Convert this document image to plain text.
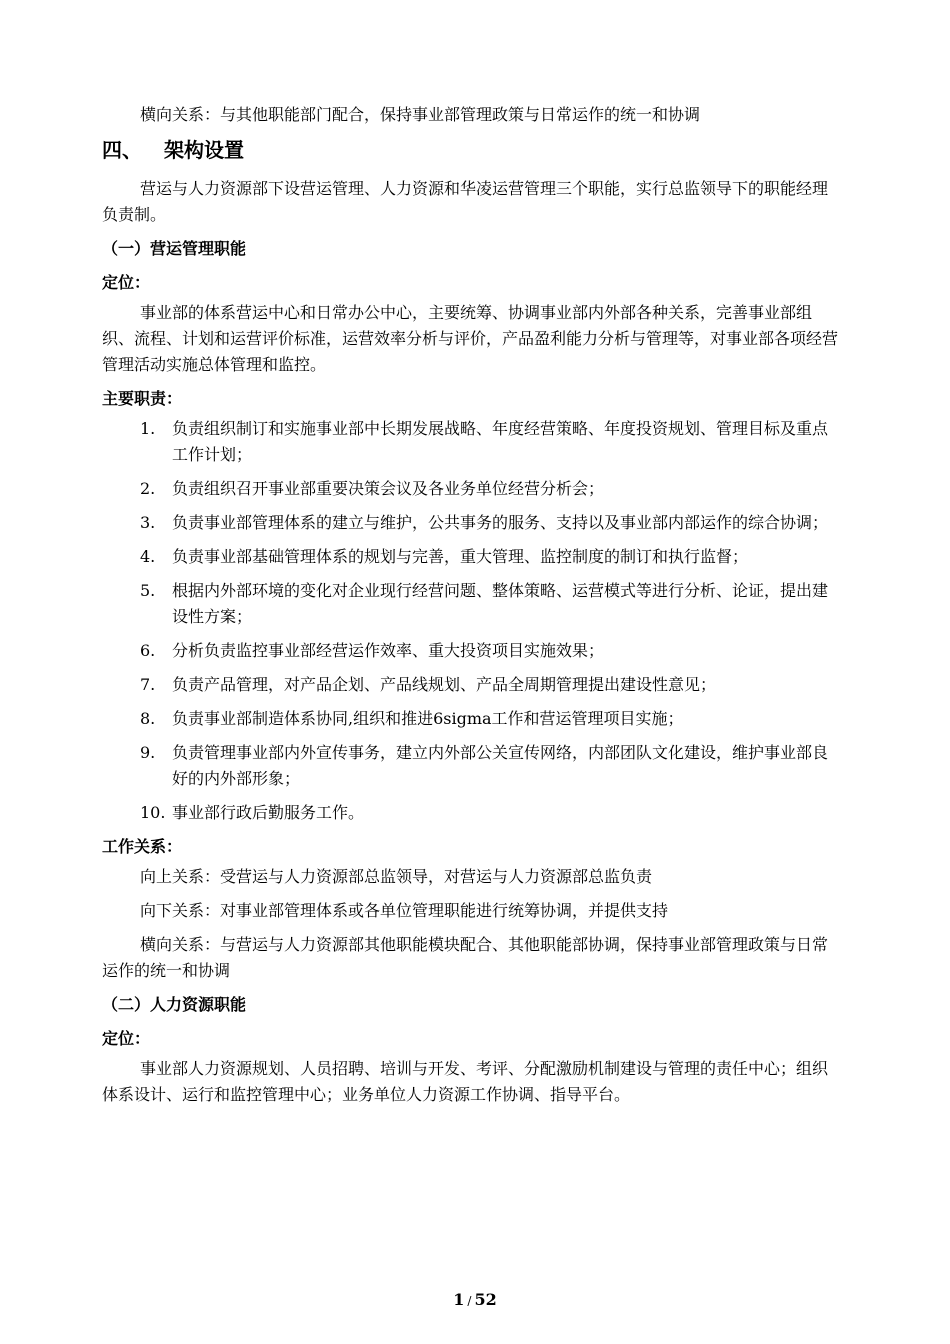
横向关系：与其他职能部门配合，保持事业部管理政策与日常运作的统一和协调

四、 架构设置

营运与人力资源部下设营运管理、人力资源和华凌运营管理三个职能，实行总监领导下的职能经理负责制。

（一）营运管理职能
定位：

事业部的体系营运中心和日常办公中心，主要统筹、协调事业部内外部各种关系，完善事业部组织、流程、计划和运营评价标准，运营效率分析与评价，产品盈利能力分析与管理等，对事业部各项经营管理活动实施总体管理和监控。

主要职责：
1. 负责组织制订和实施事业部中长期发展战略、年度经营策略、年度投资规划、管理目标及重点工作计划；
2. 负责组织召开事业部重要决策会议及各业务单位经营分析会；
3. 负责事业部管理体系的建立与维护，公共事务的服务、支持以及事业部内部运作的综合协调；
4. 负责事业部基础管理体系的规划与完善，重大管理、监控制度的制订和执行监督；
5. 根据内外部环境的变化对企业现行经营问题、整体策略、运营模式等进行分析、论证，提出建设性方案；
6. 分析负责监控事业部经营运作效率、重大投资项目实施效果；
7. 负责产品管理，对产品企划、产品线规划、产品全周期管理提出建设性意见；
8. 负责事业部制造体系协同,组织和推进6sigma工作和营运管理项目实施；
9. 负责管理事业部内外宣传事务，建立内外部公关宣传网络，内部团队文化建设，维护事业部良好的内外部形象；
10. 事业部行政后勤服务工作。
工作关系：

向上关系：受营运与人力资源部总监领导，对营运与人力资源部总监负责

向下关系：对事业部管理体系或各单位管理职能进行统筹协调，并提供支持

横向关系：与营运与人力资源部其他职能模块配合、其他职能部协调，保持事业部管理政策与日常运作的统一和协调

（二）人力资源职能
定位：

事业部人力资源规划、人员招聘、培训与开发、考评、分配激励机制建设与管理的责任中心；组织体系设计、运行和监控管理中心；业务单位人力资源工作协调、指导平台。

1 / 52
